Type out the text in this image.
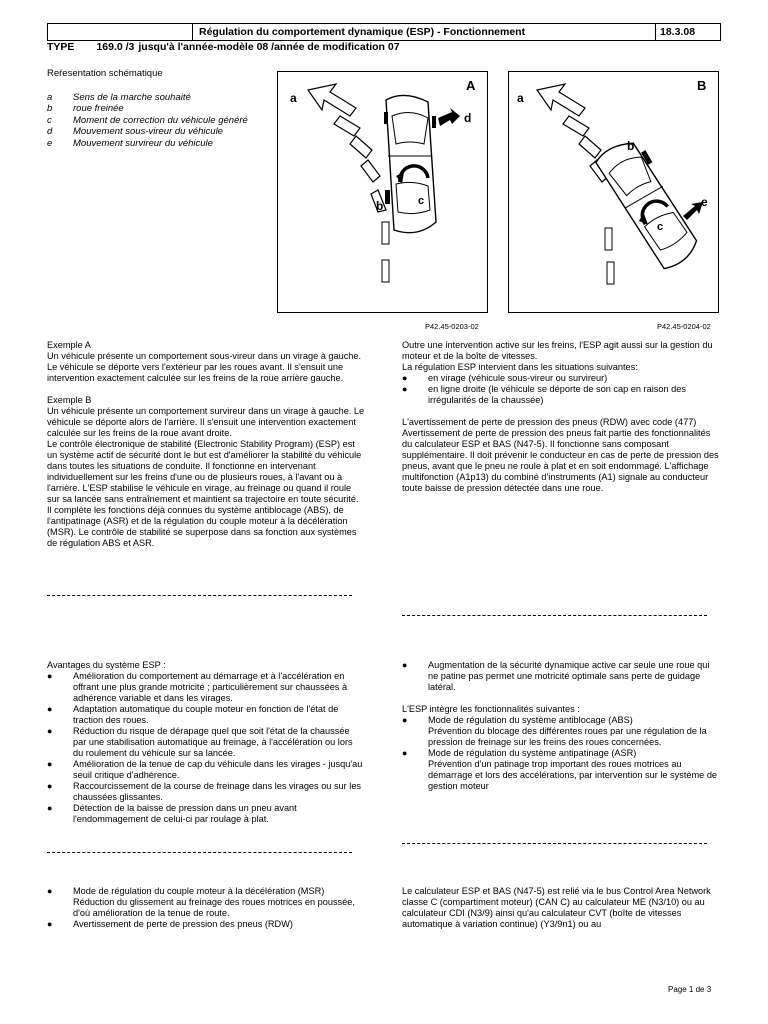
Régulation du comportement dynamique (ESP) - Fonctionnement	18.3.08
TYPE 169.0 /3 jusqu'à l'année-modèle 08 /année de modification 07
Reŕesentation schématique
a	Sens de la marche souhaité
b	roue freinée
c	Moment de correction du véhicule généré
d	Mouvement sous-vireur du véhicule
e	Mouvement survireur du véhicule
a
A
d
b	c
P42.45-0203-02
a
B
b
c
e
P42.45-0204-02
Exemple A
Un véhicule présente un comportement sous-vireur dans un virage à gauche. Le véhicule se déporte vers l'extérieur par les roues avant. Il s'ensuit une intervention exactement calculée sur les freins de la roue arrière gauche.
Exemple B
Un véhicule présente un comportement survireur dans un virage à gauche. Le véhicule se déporte alors de l'arrière. Il s'ensuit une intervention exactement calculée sur les freins de la roue avant droite.
Le contrôle électronique de stabilité (Electronic Stability Program) (ESP) est un système actif de sécurité dont le but est d'améliorer la stabilité du véhicule dans toutes les situations de conduite. Il fonctionne en intervenant individuellement sur les freins d'une ou de plusieurs roues, à l'avant ou à l'arrière. L'ESP stabilise le véhicule en virage, au freinage ou quand il roule sur sa lancée sans entraînement et maintient sa trajectoire en toute sécurité. Il complète les fonctions déjà connues du système antiblocage (ABS), de l'antipatinage (ASR) et de la régulation du couple moteur à la décélération (MSR). Le contrôle de stabilité se superpose dans sa fonction aux systèmes de régulation ABS et ASR.
Outre une intervention active sur les freins, l'ESP agit aussi sur la gestion du moteur et de la boîte de vitesses.
La régulation ESP intervient dans les situations suivantes:
●	en virage (véhicule sous-vireur ou survireur)
●	en ligne droite (le véhicule se déporte de son cap en raison des irrégularités de la chaussée)
L'avertissement de perte de pression des pneus (RDW) avec code (477) Avertissement de perte de pression des pneus fait partie des fonctionnalités du calculateur ESP et BAS (N47-5). Il fonctionne sans composant supplémentaire. Il doit prévenir le conducteur en cas de perte de pression des pneus, avant que le pneu ne roule à plat et en soit endommagé. L'affichage multifonction (A1p13) du combiné d'instruments (A1) signale au conducteur toute baisse de pression détectée dans une roue.
Avantages du système ESP :
●	Amélioration du comportement au démarrage et à l'accélération en offrant une plus grande motricité ; particulièrement sur chaussées à adhérence variable et dans les virages.
●	Adaptation automatique du couple moteur en fonction de l'état de traction des roues.
●	Réduction du risque de dérapage quel que soit l'état de la chaussée par une stabilisation automatique au freinage, à l'accélération ou lors du roulement du véhicule sur sa lancée.
●	Amélioration de la tenue de cap du véhicule dans les virages - jusqu'au seuil critique d'adhérence.
●	Raccourcissement de la course de freinage dans les virages ou sur les chaussées glissantes.
●	Détection de la baisse de pression dans un pneu avant l'endommagement de celui-ci par roulage à plat.
●	Augmentation de la sécurité dynamique active car seule une roue qui ne patine pas permet une motricité optimale sans perte de guidage latéral.
L'ESP intègre les fonctionnalités suivantes :
●	Mode de régulation du système antiblocage (ABS)
Prévention du blocage des différentes roues par une régulation de la pression de freinage sur les freins des roues concernées.
●	Mode de régulation du système antipatinage (ASR)
Prévention d'un patinage trop important des roues motrices au démarrage et lors des accélérations, par intervention sur le système de gestion moteur
●	Mode de régulation du couple moteur à la décélération (MSR)
Réduction du glissement au freinage des roues motrices en poussée, d'où amélioration de la tenue de route.
●	Avertissement de perte de pression des pneus (RDW)
Le calculateur ESP et BAS (N47-5) est relié via le bus Control Area Network classe C (compartiment moteur) (CAN C) au calculateur ME (N3/10) ou au calculateur CDI (N3/9) ainsi qu'au calculateur CVT (boîte de vitesses automatique à variation continue) (Y3/9n1) ou au
Page 1 de 3
